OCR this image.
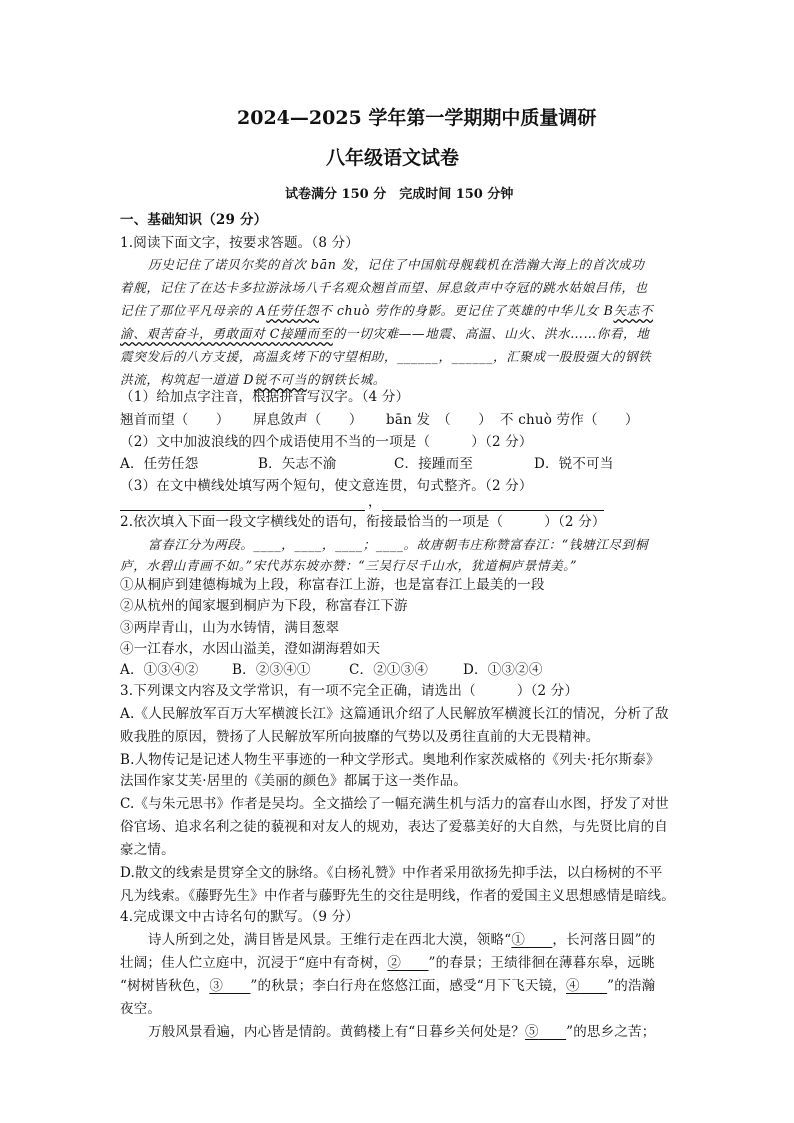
2024—2025 学年第一学期期中质量调研
八年级语文试卷
试卷满分 150 分　完成时间 150 分钟
一、基础知识（29 分）
1.阅读下面文字，按要求答题。（8 分）
历史记住了诺贝尔奖的首次 bān 发，记住了中国航母舰载机在浩瀚大海上的首次成功
着舰，记住了在达卡多拉游泳场八千名观众翘首而望、屏息敛声中夺冠的跳水姑娘吕伟，也
记住了那位平凡母亲的 A任劳任怨不 chuò 劳作的身影。更记住了英雄的中华儿女 B矢志不
渝、艰苦奋斗，勇敢面对 C接踵而至的一切灾难——地震、高温、山火、洪水……你看，地
震突发后的八方支援，高温炙烤下的守望相助，______，______，汇聚成一股股强大的钢铁
洪流，构筑起一道道 D锐不可当的钢铁长城。
（1）给加点字注音，根据拼音写汉字。（4 分）
翘首而望（　　） 屏息敛声（　　） bān 发　（　　） 不 chuò 劳作（　　）
（2）文中加波浪线的四个成语使用不当的一项是（　　　）（2 分）
A．任劳任怨	B．矢志不渝	C．接踵而至	D．锐不可当
（3）在文中横线处填写两个短句，使文意连贯，句式整齐。（2 分）
，
2.依次填入下面一段文字横线处的语句，衔接最恰当的一项是（　　　）（2 分）
富春江分为两段。____，____，____；____。故唐朝韦庄称赞富春江：“钱塘江尽到桐
庐，水碧山青画不如。”宋代苏东坡亦赞：“三吴行尽千山水，犹道桐庐景情美。”
①从桐庐到建德梅城为上段，称富春江上游，也是富春江上最美的一段
②从杭州的闻家堰到桐庐为下段，称富春江下游
③两岸青山，山为水铸情，满目葱翠
④一江春水，水因山溢美，澄如湖海碧如天
A．①③④② B．②③④①	C．②①③④	D．①③②④
3.下列课文内容及文学常识，有一项不完全正确，请选出（　　　）（2 分）
A.《人民解放军百万大军横渡长江》这篇通讯介绍了人民解放军横渡长江的情况，分析了敌
败我胜的原因，赞扬了人民解放军所向披靡的气势以及勇往直前的大无畏精神。
B.人物传记是记述人物生平事迹的一种文学形式。奥地利作家茨威格的《列夫·托尔斯泰》
法国作家艾芙·居里的《美丽的颜色》都属于这一类作品。
C.《与朱元思书》作者是吴均。全文描绘了一幅充满生机与活力的富春山水图，抒发了对世
俗官场、追求名利之徒的藐视和对友人的规劝，表达了爱慕美好的大自然，与先贤比肩的自
豪之情。
D.散文的线索是贯穿全文的脉络。《白杨礼赞》中作者采用欲扬先抑手法，以白杨树的不平
凡为线索。《藤野先生》中作者与藤野先生的交往是明线，作者的爱国主义思想感情是暗线。
4.完成课文中古诗名句的默写。（9 分）
诗人所到之处，满目皆是风景。王维行走在西北大漠，领略“①   ，长河落日圆”的
壮阔；佳人伫立庭中，沉浸于“庭中有奇树，②   ”的春景；王绩徘徊在薄暮东皋，远眺
“树树皆秋色，③   ”的秋景；李白行舟在悠悠江面，感受“月下飞天镜，④   ”的浩瀚
夜空。
万般风景看遍，内心皆是情韵。黄鹤楼上有“日暮乡关何处是？⑤   ”的思乡之苦；
